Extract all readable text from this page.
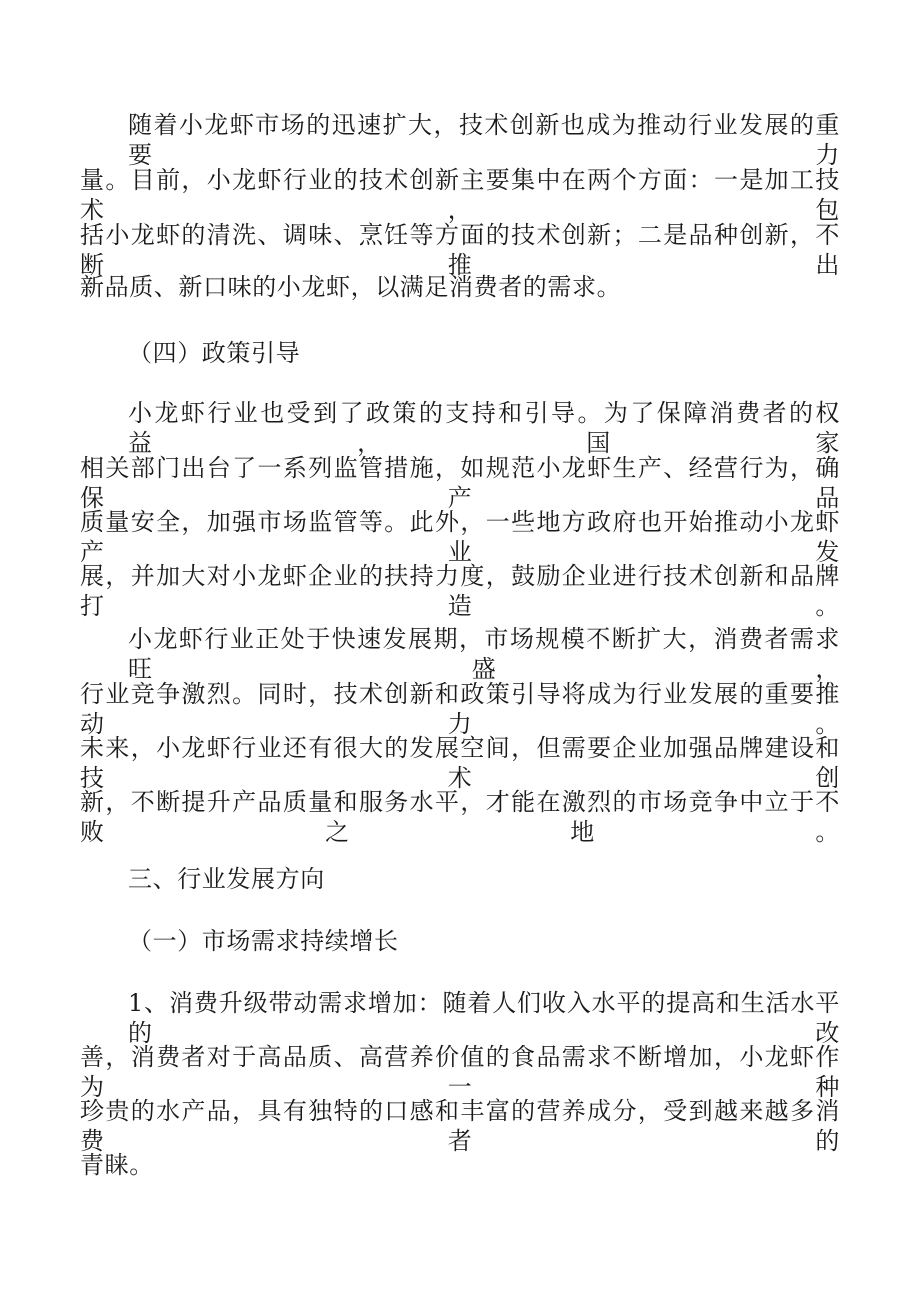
随着小龙虾市场的迅速扩大，技术创新也成为推动行业发展的重要力

量。目前，小龙虾行业的技术创新主要集中在两个方面：一是加工技术，包

括小龙虾的清洗、调味、烹饪等方面的技术创新；二是品种创新，不断推出

新品质、新口味的小龙虾，以满足消费者的需求。

（四）政策引导

小龙虾行业也受到了政策的支持和引导。为了保障消费者的权益，国家

相关部门出台了一系列监管措施，如规范小龙虾生产、经营行为，确保产品

质量安全，加强市场监管等。此外，一些地方政府也开始推动小龙虾产业发

展，并加大对小龙虾企业的扶持力度，鼓励企业进行技术创新和品牌打造。

小龙虾行业正处于快速发展期，市场规模不断扩大，消费者需求旺盛，

行业竞争激烈。同时，技术创新和政策引导将成为行业发展的重要推动力。

未来，小龙虾行业还有很大的发展空间，但需要企业加强品牌建设和技术创

新，不断提升产品质量和服务水平，才能在激烈的市场竞争中立于不败之地。

三、行业发展方向

（一）市场需求持续增长

1、消费升级带动需求增加：随着人们收入水平的提高和生活水平的改

善，消费者对于高品质、高营养价值的食品需求不断增加，小龙虾作为一种

珍贵的水产品，具有独特的口感和丰富的营养成分，受到越来越多消费者的

青睐。
